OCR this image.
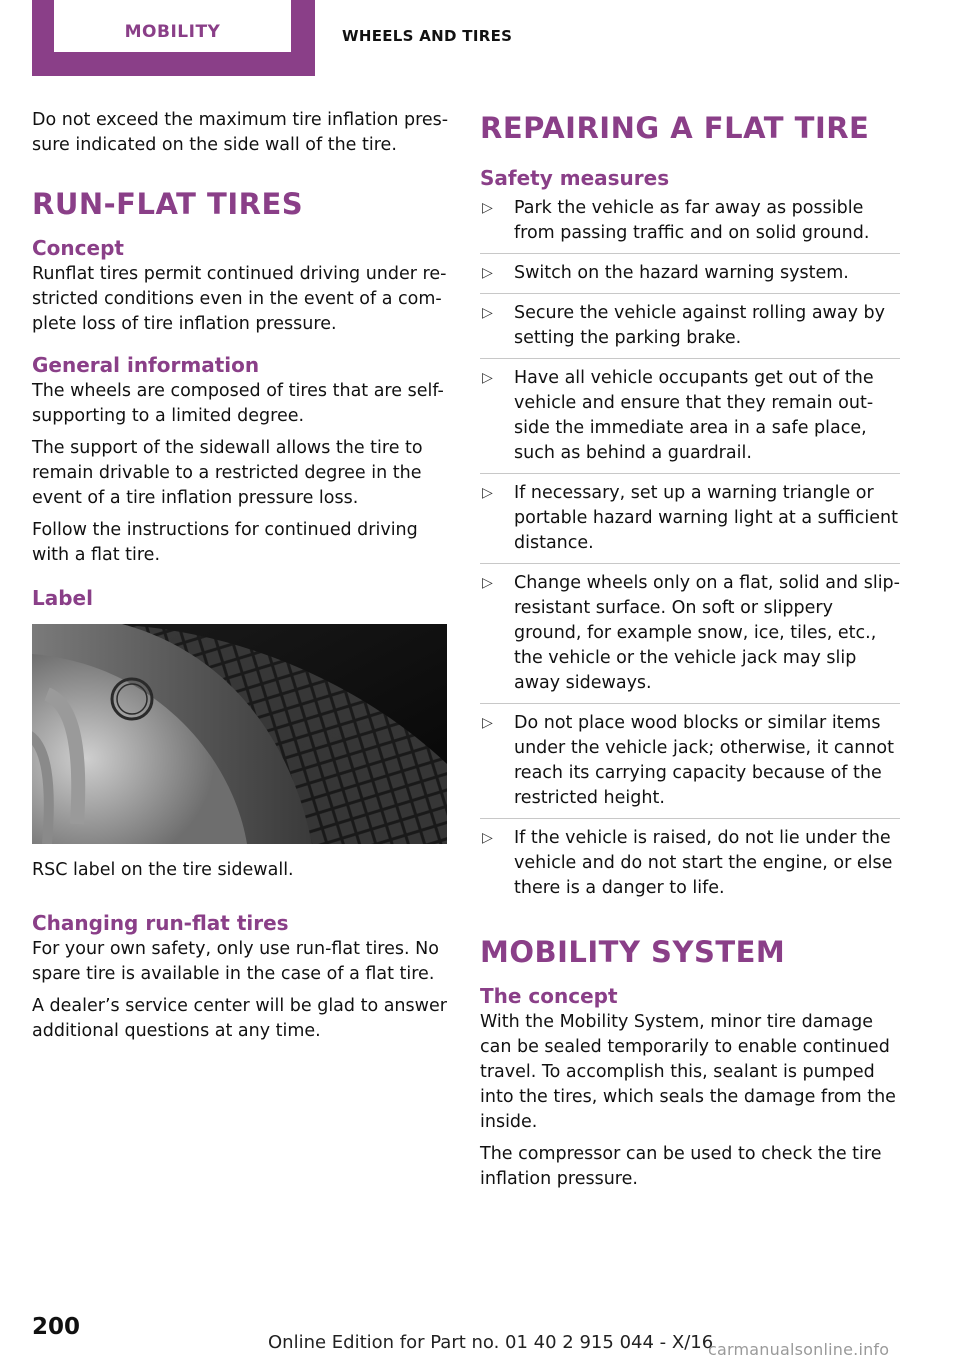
MOBILITY	WHEELS AND TIRES

Do not exceed the maximum tire inflation pressure indicated on the side wall of the tire.

RUN-FLAT TIRES
Concept

Runflat tires permit continued driving under restricted conditions even in the event of a complete loss of tire inflation pressure.

General information

The wheels are composed of tires that are self-supporting to a limited degree.

The support of the sidewall allows the tire to remain drivable to a restricted degree in the event of a tire inflation pressure loss.

Follow the instructions for continued driving with a flat tire.

Label

RSC label on the tire sidewall.

Changing run-flat tires

For your own safety, only use run-flat tires. No spare tire is available in the case of a flat tire.

A dealer’s service center will be glad to answer additional questions at any time.

REPAIRING A FLAT TIRE
Safety measures
▷ Park the vehicle as far away as possible from passing traffic and on solid ground.
▷ Switch on the hazard warning system.
▷ Secure the vehicle against rolling away by setting the parking brake.
▷ Have all vehicle occupants get out of the vehicle and ensure that they remain outside the immediate area in a safe place, such as behind a guardrail.
▷ If necessary, set up a warning triangle or portable hazard warning light at a sufficient distance.
▷ Change wheels only on a flat, solid and slip-resistant surface. On soft or slippery ground, for example snow, ice, tiles, etc., the vehicle or the vehicle jack may slip away sideways.
▷ Do not place wood blocks or similar items under the vehicle jack; otherwise, it cannot reach its carrying capacity because of the restricted height.
▷ If the vehicle is raised, do not lie under the vehicle and do not start the engine, or else there is a danger to life.
MOBILITY SYSTEM
The concept

With the Mobility System, minor tire damage can be sealed temporarily to enable continued travel. To accomplish this, sealant is pumped into the tires, which seals the damage from the inside.

The compressor can be used to check the tire inflation pressure.

200
Online Edition for Part no. 01 40 2 915 044 - X/16
carmanualsonline.info
